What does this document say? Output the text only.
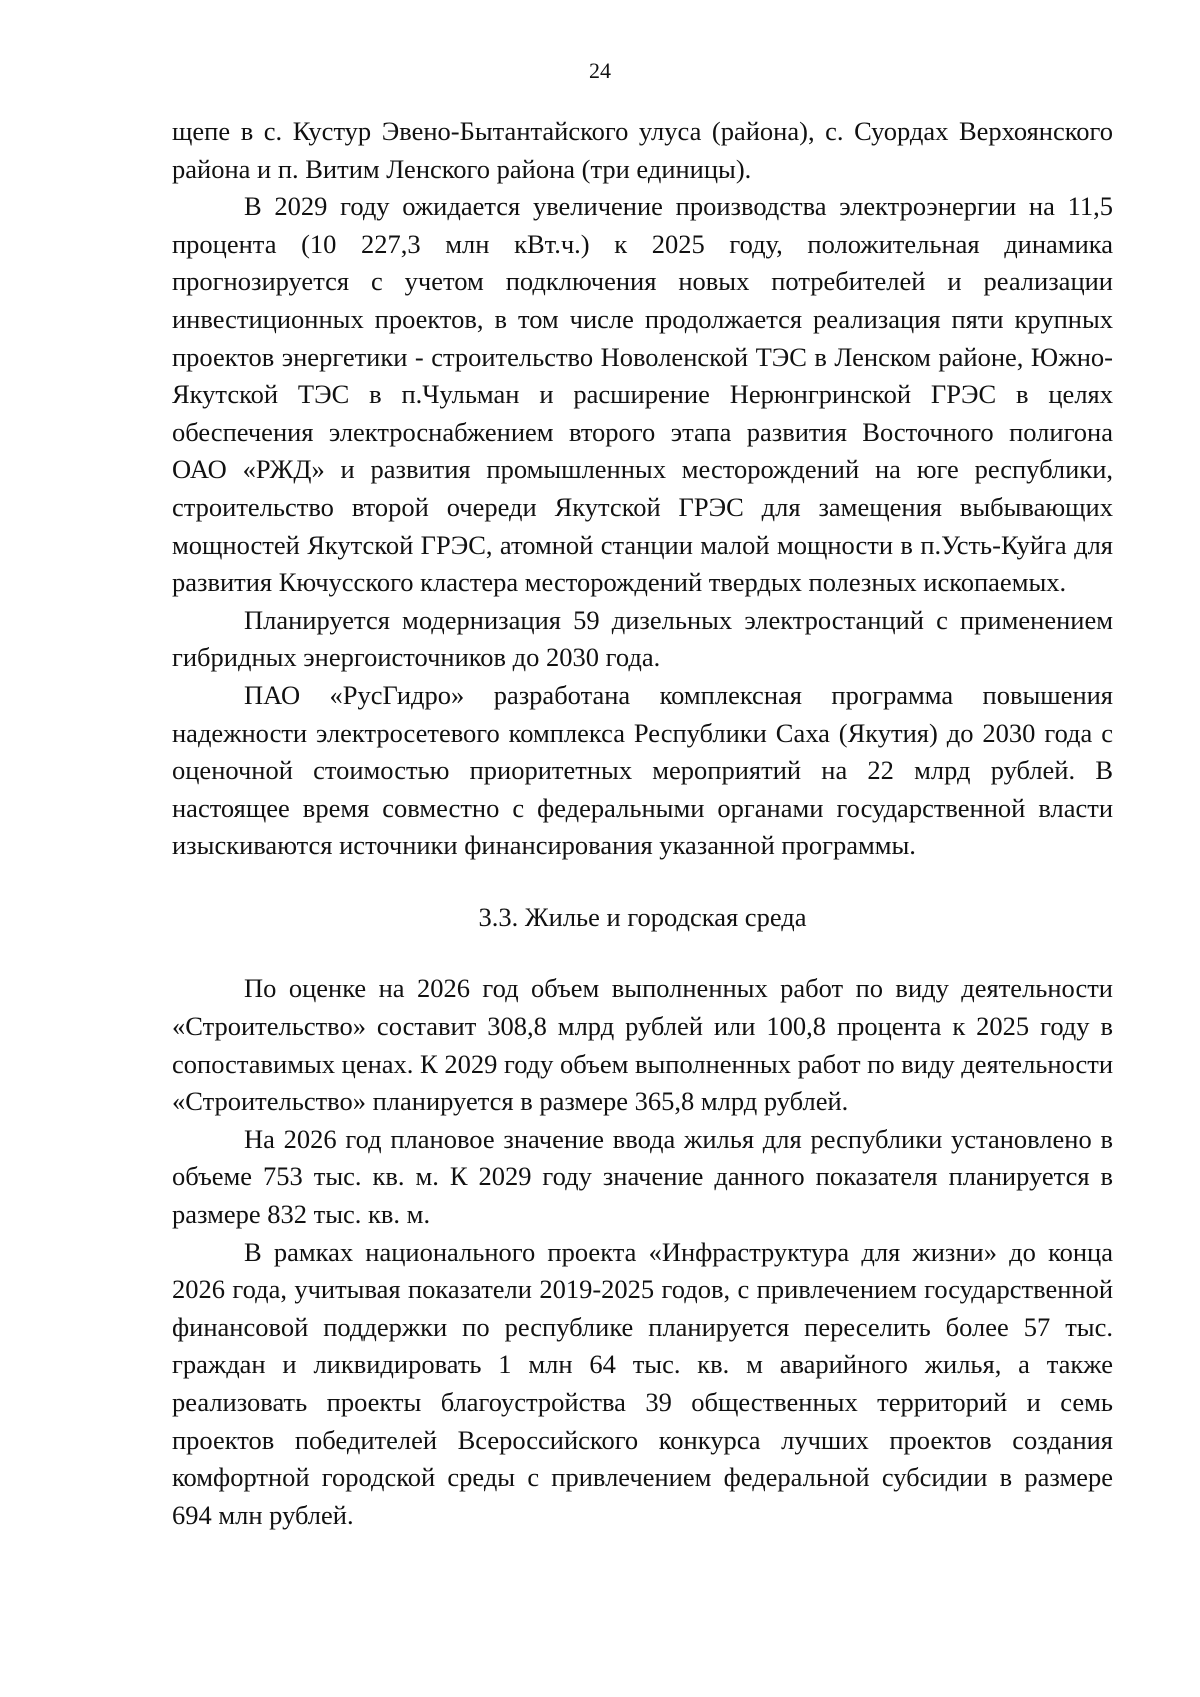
24

щепе в с. Кустур Эвено-Бытантайского улуса (района), с. Суордах Верхоянского района и п. Витим Ленского района (три единицы).

В 2029 году ожидается увеличение производства электроэнергии на 11,5 процента (10 227,3 млн кВт.ч.) к 2025 году, положительная динамика прогнозируется с учетом подключения новых потребителей и реализации инвестиционных проектов, в том числе продолжается реализация пяти крупных проектов энергетики - строительство Новоленской ТЭС в Ленском районе, Южно-Якутской ТЭС в п.Чульман и расширение Нерюнгринской ГРЭС в целях обеспечения электроснабжением второго этапа развития Восточного полигона ОАО «РЖД» и развития промышленных месторождений на юге республики, строительство второй очереди Якутской ГРЭС для замещения выбывающих мощностей Якутской ГРЭС, атомной станции малой мощности в п.Усть-Куйга для развития Кючусского кластера месторождений твердых полезных ископаемых.

Планируется модернизация 59 дизельных электростанций с применением гибридных энергоисточников до 2030 года.

ПАО «РусГидро» разработана комплексная программа повышения надежности электросетевого комплекса Республики Саха (Якутия) до 2030 года с оценочной стоимостью приоритетных мероприятий на 22 млрд рублей. В настоящее время совместно с федеральными органами государственной власти изыскиваются источники финансирования указанной программы.

3.3. Жилье и городская среда

По оценке на 2026 год объем выполненных работ по виду деятельности «Строительство» составит 308,8 млрд рублей или 100,8 процента к 2025 году в сопоставимых ценах. К 2029 году объем выполненных работ по виду деятельности «Строительство» планируется в размере 365,8 млрд рублей.

На 2026 год плановое значение ввода жилья для республики установлено в объеме 753 тыс. кв. м. К 2029 году значение данного показателя планируется в размере 832 тыс. кв. м.

В рамках национального проекта «Инфраструктура для жизни» до конца 2026 года, учитывая показатели 2019-2025 годов, с привлечением государственной финансовой поддержки по республике планируется переселить более 57 тыс. граждан и ликвидировать 1 млн 64 тыс. кв. м аварийного жилья, а также реализовать проекты благоустройства 39 общественных территорий и семь проектов победителей Всероссийского конкурса лучших проектов создания комфортной городской среды с привлечением федеральной субсидии в размере 694 млн рублей.
